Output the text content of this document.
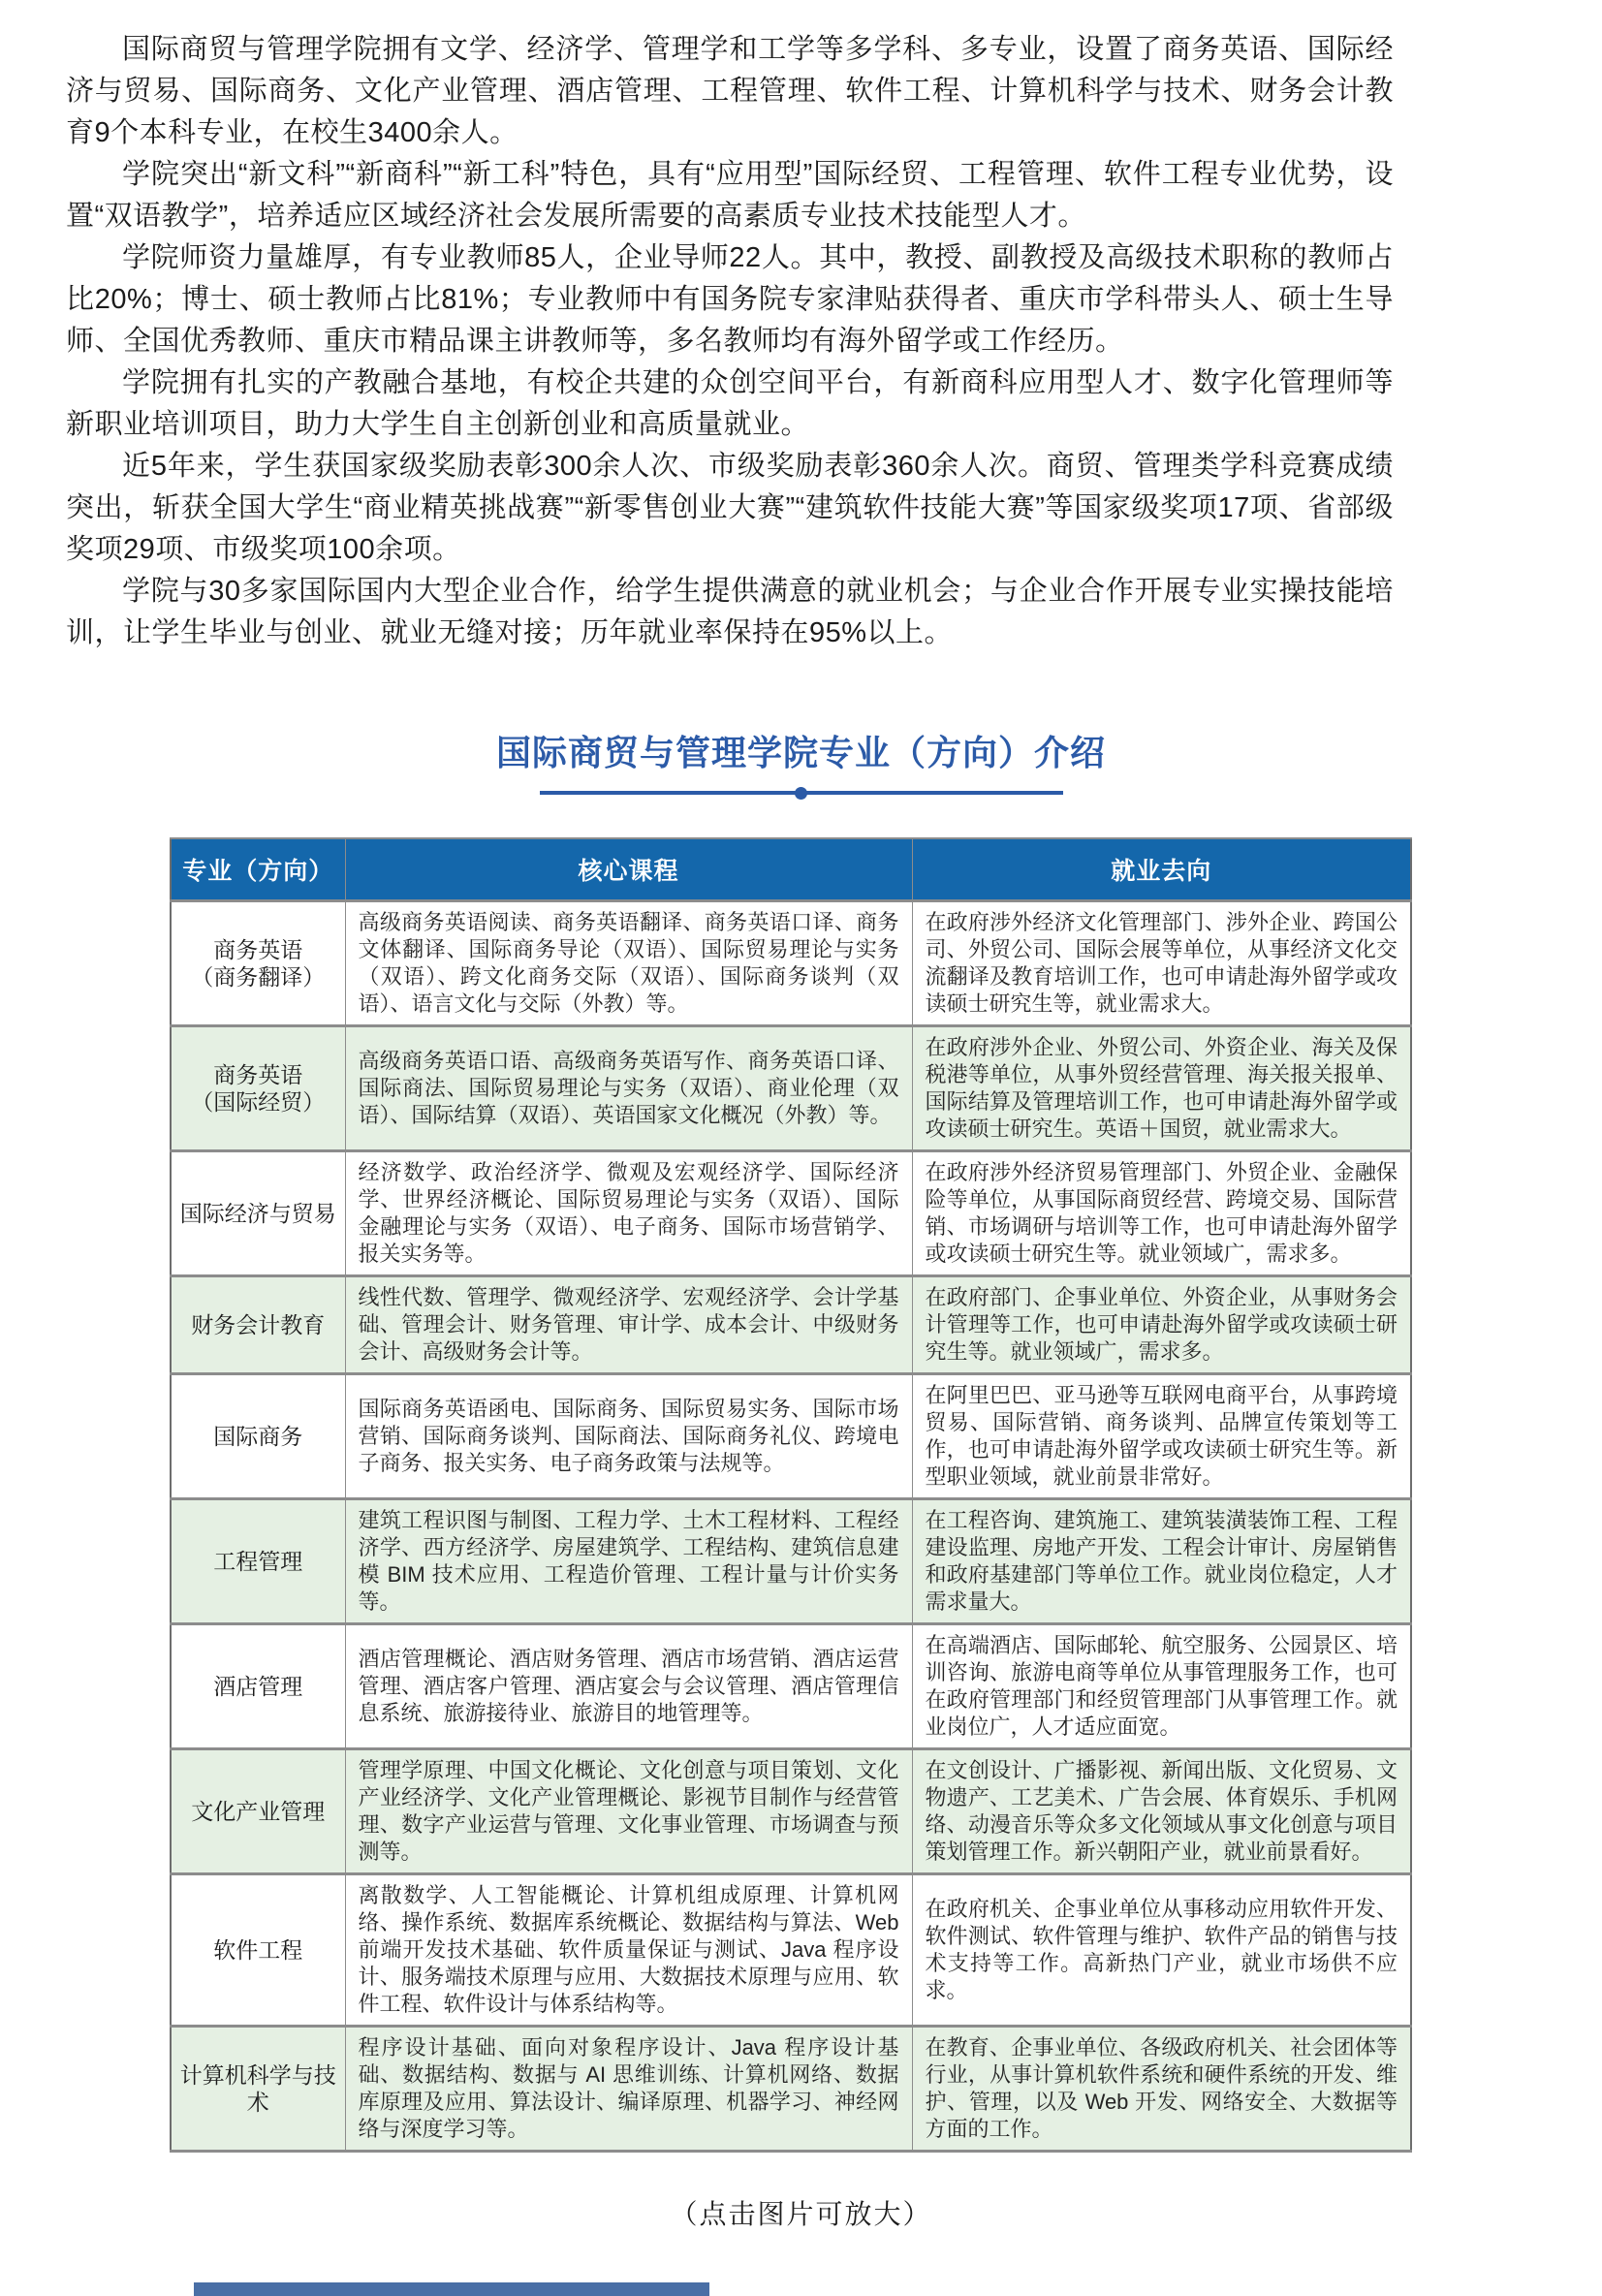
国际商贸与管理学院拥有文学、经济学、管理学和工学等多学科、多专业，设置了商务英语、国际经济与贸易、国际商务、文化产业管理、酒店管理、工程管理、软件工程、计算机科学与技术、财务会计教育9个本科专业，在校生3400余人。

学院突出“新文科”“新商科”“新工科”特色，具有“应用型”国际经贸、工程管理、软件工程专业优势，设置“双语教学”，培养适应区域经济社会发展所需要的高素质专业技术技能型人才。

学院师资力量雄厚，有专业教师85人，企业导师22人。其中，教授、副教授及高级技术职称的教师占比20%；博士、硕士教师占比81%；专业教师中有国务院专家津贴获得者、重庆市学科带头人、硕士生导师、全国优秀教师、重庆市精品课主讲教师等，多名教师均有海外留学或工作经历。

学院拥有扎实的产教融合基地，有校企共建的众创空间平台，有新商科应用型人才、数字化管理师等新职业培训项目，助力大学生自主创新创业和高质量就业。

近5年来，学生获国家级奖励表彰300余人次、市级奖励表彰360余人次。商贸、管理类学科竞赛成绩突出，斩获全国大学生“商业精英挑战赛”“新零售创业大赛”“建筑软件技能大赛”等国家级奖项17项、省部级奖项29项、市级奖项100余项。

学院与30多家国际国内大型企业合作，给学生提供满意的就业机会；与企业合作开展专业实操技能培训，让学生毕业与创业、就业无缝对接；历年就业率保持在95%以上。

国际商贸与管理学院专业（方向）介绍
专业（方向）	核心课程	就业去向

商务英语
（商务翻译）	高级商务英语阅读、商务英语翻译、商务英语口译、商务文体翻译、国际商务导论（双语）、国际贸易理论与实务（双语）、跨文化商务交际（双语）、国际商务谈判（双语）、语言文化与交际（外教）等。	在政府涉外经济文化管理部门、涉外企业、跨国公司、外贸公司、国际会展等单位，从事经济文化交流翻译及教育培训工作，也可申请赴海外留学或攻读硕士研究生等，就业需求大。

商务英语
（国际经贸）	高级商务英语口语、高级商务英语写作、商务英语口译、国际商法、国际贸易理论与实务（双语）、商业伦理（双语）、国际结算（双语）、英语国家文化概况（外教）等。	在政府涉外企业、外贸公司、外资企业、海关及保税港等单位，从事外贸经营管理、海关报关报单、国际结算及管理培训工作，也可申请赴海外留学或攻读硕士研究生。英语＋国贸，就业需求大。

国际经济与贸易	经济数学、政治经济学、微观及宏观经济学、国际经济学、世界经济概论、国际贸易理论与实务（双语）、国际金融理论与实务（双语）、电子商务、国际市场营销学、报关实务等。	在政府涉外经济贸易管理部门、外贸企业、金融保险等单位，从事国际商贸经营、跨境交易、国际营销、市场调研与培训等工作，也可申请赴海外留学或攻读硕士研究生等。就业领域广，需求多。

财务会计教育	线性代数、管理学、微观经济学、宏观经济学、会计学基础、管理会计、财务管理、审计学、成本会计、中级财务会计、高级财务会计等。	在政府部门、企事业单位、外资企业，从事财务会计管理等工作，也可申请赴海外留学或攻读硕士研究生等。就业领域广，需求多。

国际商务	国际商务英语函电、国际商务、国际贸易实务、国际市场营销、国际商务谈判、国际商法、国际商务礼仪、跨境电子商务、报关实务、电子商务政策与法规等。	在阿里巴巴、亚马逊等互联网电商平台，从事跨境贸易、国际营销、商务谈判、品牌宣传策划等工作，也可申请赴海外留学或攻读硕士研究生等。新型职业领域，就业前景非常好。

工程管理	建筑工程识图与制图、工程力学、土木工程材料、工程经济学、西方经济学、房屋建筑学、工程结构、建筑信息建模 BIM 技术应用、工程造价管理、工程计量与计价实务等。	在工程咨询、建筑施工、建筑装潢装饰工程、工程建设监理、房地产开发、工程会计审计、房屋销售和政府基建部门等单位工作。就业岗位稳定，人才需求量大。

酒店管理	酒店管理概论、酒店财务管理、酒店市场营销、酒店运营管理、酒店客户管理、酒店宴会与会议管理、酒店管理信息系统、旅游接待业、旅游目的地管理等。	在高端酒店、国际邮轮、航空服务、公园景区、培训咨询、旅游电商等单位从事管理服务工作，也可在政府管理部门和经贸管理部门从事管理工作。就业岗位广，人才适应面宽。

文化产业管理	管理学原理、中国文化概论、文化创意与项目策划、文化产业经济学、文化产业管理概论、影视节目制作与经营管理、数字产业运营与管理、文化事业管理、市场调查与预测等。	在文创设计、广播影视、新闻出版、文化贸易、文物遗产、工艺美术、广告会展、体育娱乐、手机网络、动漫音乐等众多文化领域从事文化创意与项目策划管理工作。新兴朝阳产业，就业前景看好。

软件工程	离散数学、人工智能概论、计算机组成原理、计算机网络、操作系统、数据库系统概论、数据结构与算法、Web 前端开发技术基础、软件质量保证与测试、Java 程序设计、服务端技术原理与应用、大数据技术原理与应用、软件工程、软件设计与体系结构等。	在政府机关、企事业单位从事移动应用软件开发、软件测试、软件管理与维护、软件产品的销售与技术支持等工作。高新热门产业，就业市场供不应求。

计算机科学与技术	程序设计基础、面向对象程序设计、Java 程序设计基础、数据结构、数据与 AI 思维训练、计算机网络、数据库原理及应用、算法设计、编译原理、机器学习、神经网络与深度学习等。	在教育、企事业单位、各级政府机关、社会团体等行业，从事计算机软件系统和硬件系统的开发、维护、管理，以及 Web 开发、网络安全、大数据等方面的工作。
（点击图片可放大）
